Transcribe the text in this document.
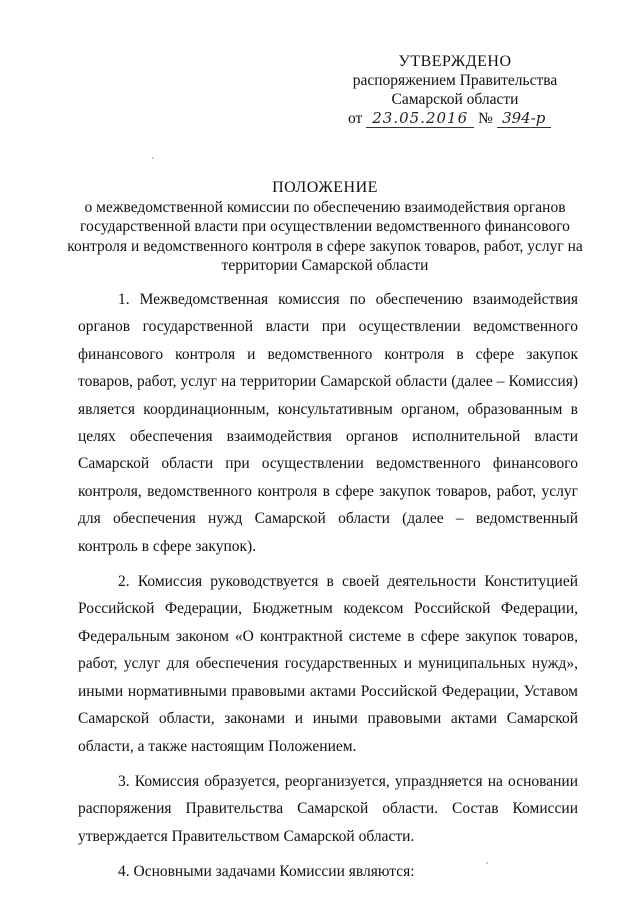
УТВЕРЖДЕНО
распоряжением Правительства
Самарской области
от 23.05.2016 № 394-р
ПОЛОЖЕНИЕ
о межведомственной комиссии по обеспечению взаимодействия органов государственной власти при осуществлении ведомственного финансового контроля и ведомственного контроля в сфере закупок товаров, работ, услуг на территории Самарской области

1. Межведомственная комиссия по обеспечению взаимодействия органов государственной власти при осуществлении ведомственного финансового контроля и ведомственного контроля в сфере закупок товаров, работ, услуг на территории Самарской области (далее – Комиссия) является координационным, консультативным органом, образованным в целях обеспечения взаимодействия органов исполнительной власти Самарской области при осуществлении ведомственного финансового контроля, ведомственного контроля в сфере закупок товаров, работ, услуг для обеспечения нужд Самарской области (далее – ведомственный контроль в сфере закупок).

2. Комиссия руководствуется в своей деятельности Конституцией Российской Федерации, Бюджетным кодексом Российской Федерации, Федеральным законом «О контрактной системе в сфере закупок товаров, работ, услуг для обеспечения государственных и муниципальных нужд», иными нормативными правовыми актами Российской Федерации, Уставом Самарской области, законами и иными правовыми актами Самарской области, а также настоящим Положением.

3. Комиссия образуется, реорганизуется, упраздняется на основании распоряжения Правительства Самарской области. Состав Комиссии утверждается Правительством Самарской области.

4. Основными задачами Комиссии являются:
